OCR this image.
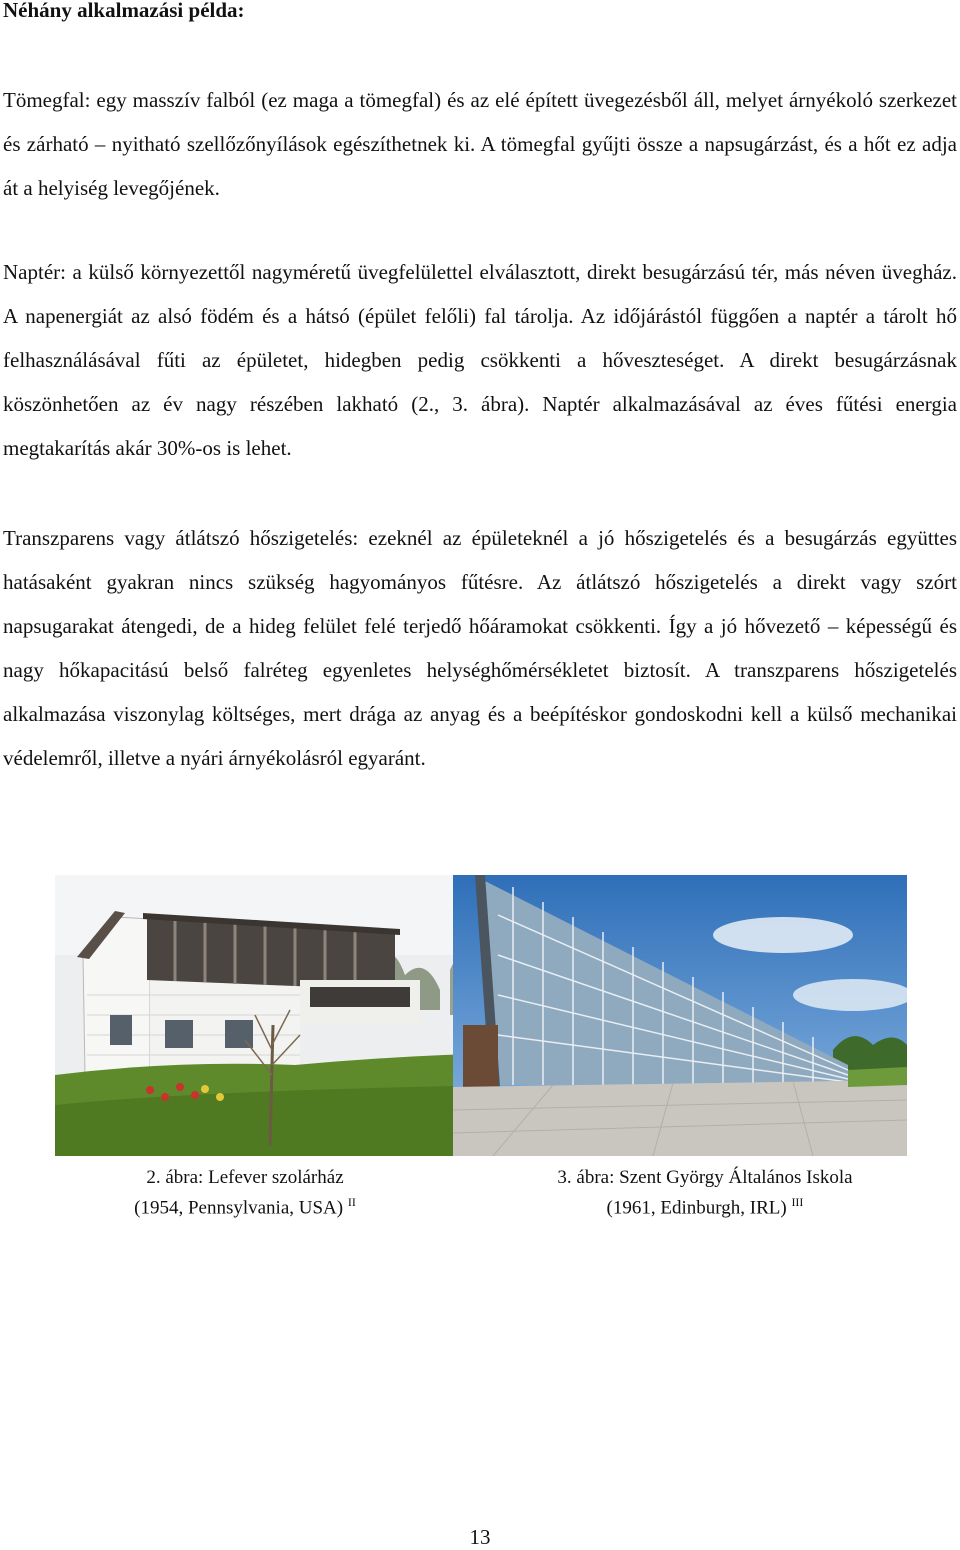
Néhány alkalmazási példa:

Tömegfal: egy masszív falból (ez maga a tömegfal) és az elé épített üvegezésből áll, melyet árnyékoló szerkezet és zárható – nyitható szellőzőnyílások egészíthetnek ki. A tömegfal gyűjti össze a napsugárzást, és a hőt ez adja át a helyiség levegőjének.

Naptér: a külső környezettől nagyméretű üvegfelülettel elválasztott, direkt besugárzású tér, más néven üvegház. A napenergiát az alsó födém és a hátsó (épület felőli) fal tárolja. Az időjárástól függően a naptér a tárolt hő felhasználásával fűti az épületet, hidegben pedig csökkenti a hőveszteséget. A direkt besugárzásnak köszönhetően az év nagy részében lakható (2., 3. ábra). Naptér alkalmazásával az éves fűtési energia megtakarítás akár 30%-os is lehet.

Transzparens vagy átlátszó hőszigetelés: ezeknél az épületeknél a jó hőszigetelés és a besugárzás együttes hatásaként gyakran nincs szükség hagyományos fűtésre. Az átlátszó hőszigetelés a direkt vagy szórt napsugarakat átengedi, de a hideg felület felé terjedő hőáramokat csökkenti. Így a jó hővezető – képességű és nagy hőkapacitású belső falréteg egyenletes helységhőmérsékletet biztosít. A transzparens hőszigetelés alkalmazása viszonylag költséges, mert drága az anyag és a beépítéskor gondoskodni kell a külső mechanikai védelemről, illetve a nyári árnyékolásról egyaránt.

2. ábra: Lefever szolárház
(1954, Pennsylvania, USA) $^{II}$
3. ábra: Szent György Általános Iskola
(1961, Edinburgh, IRL) $^{III}$
13
